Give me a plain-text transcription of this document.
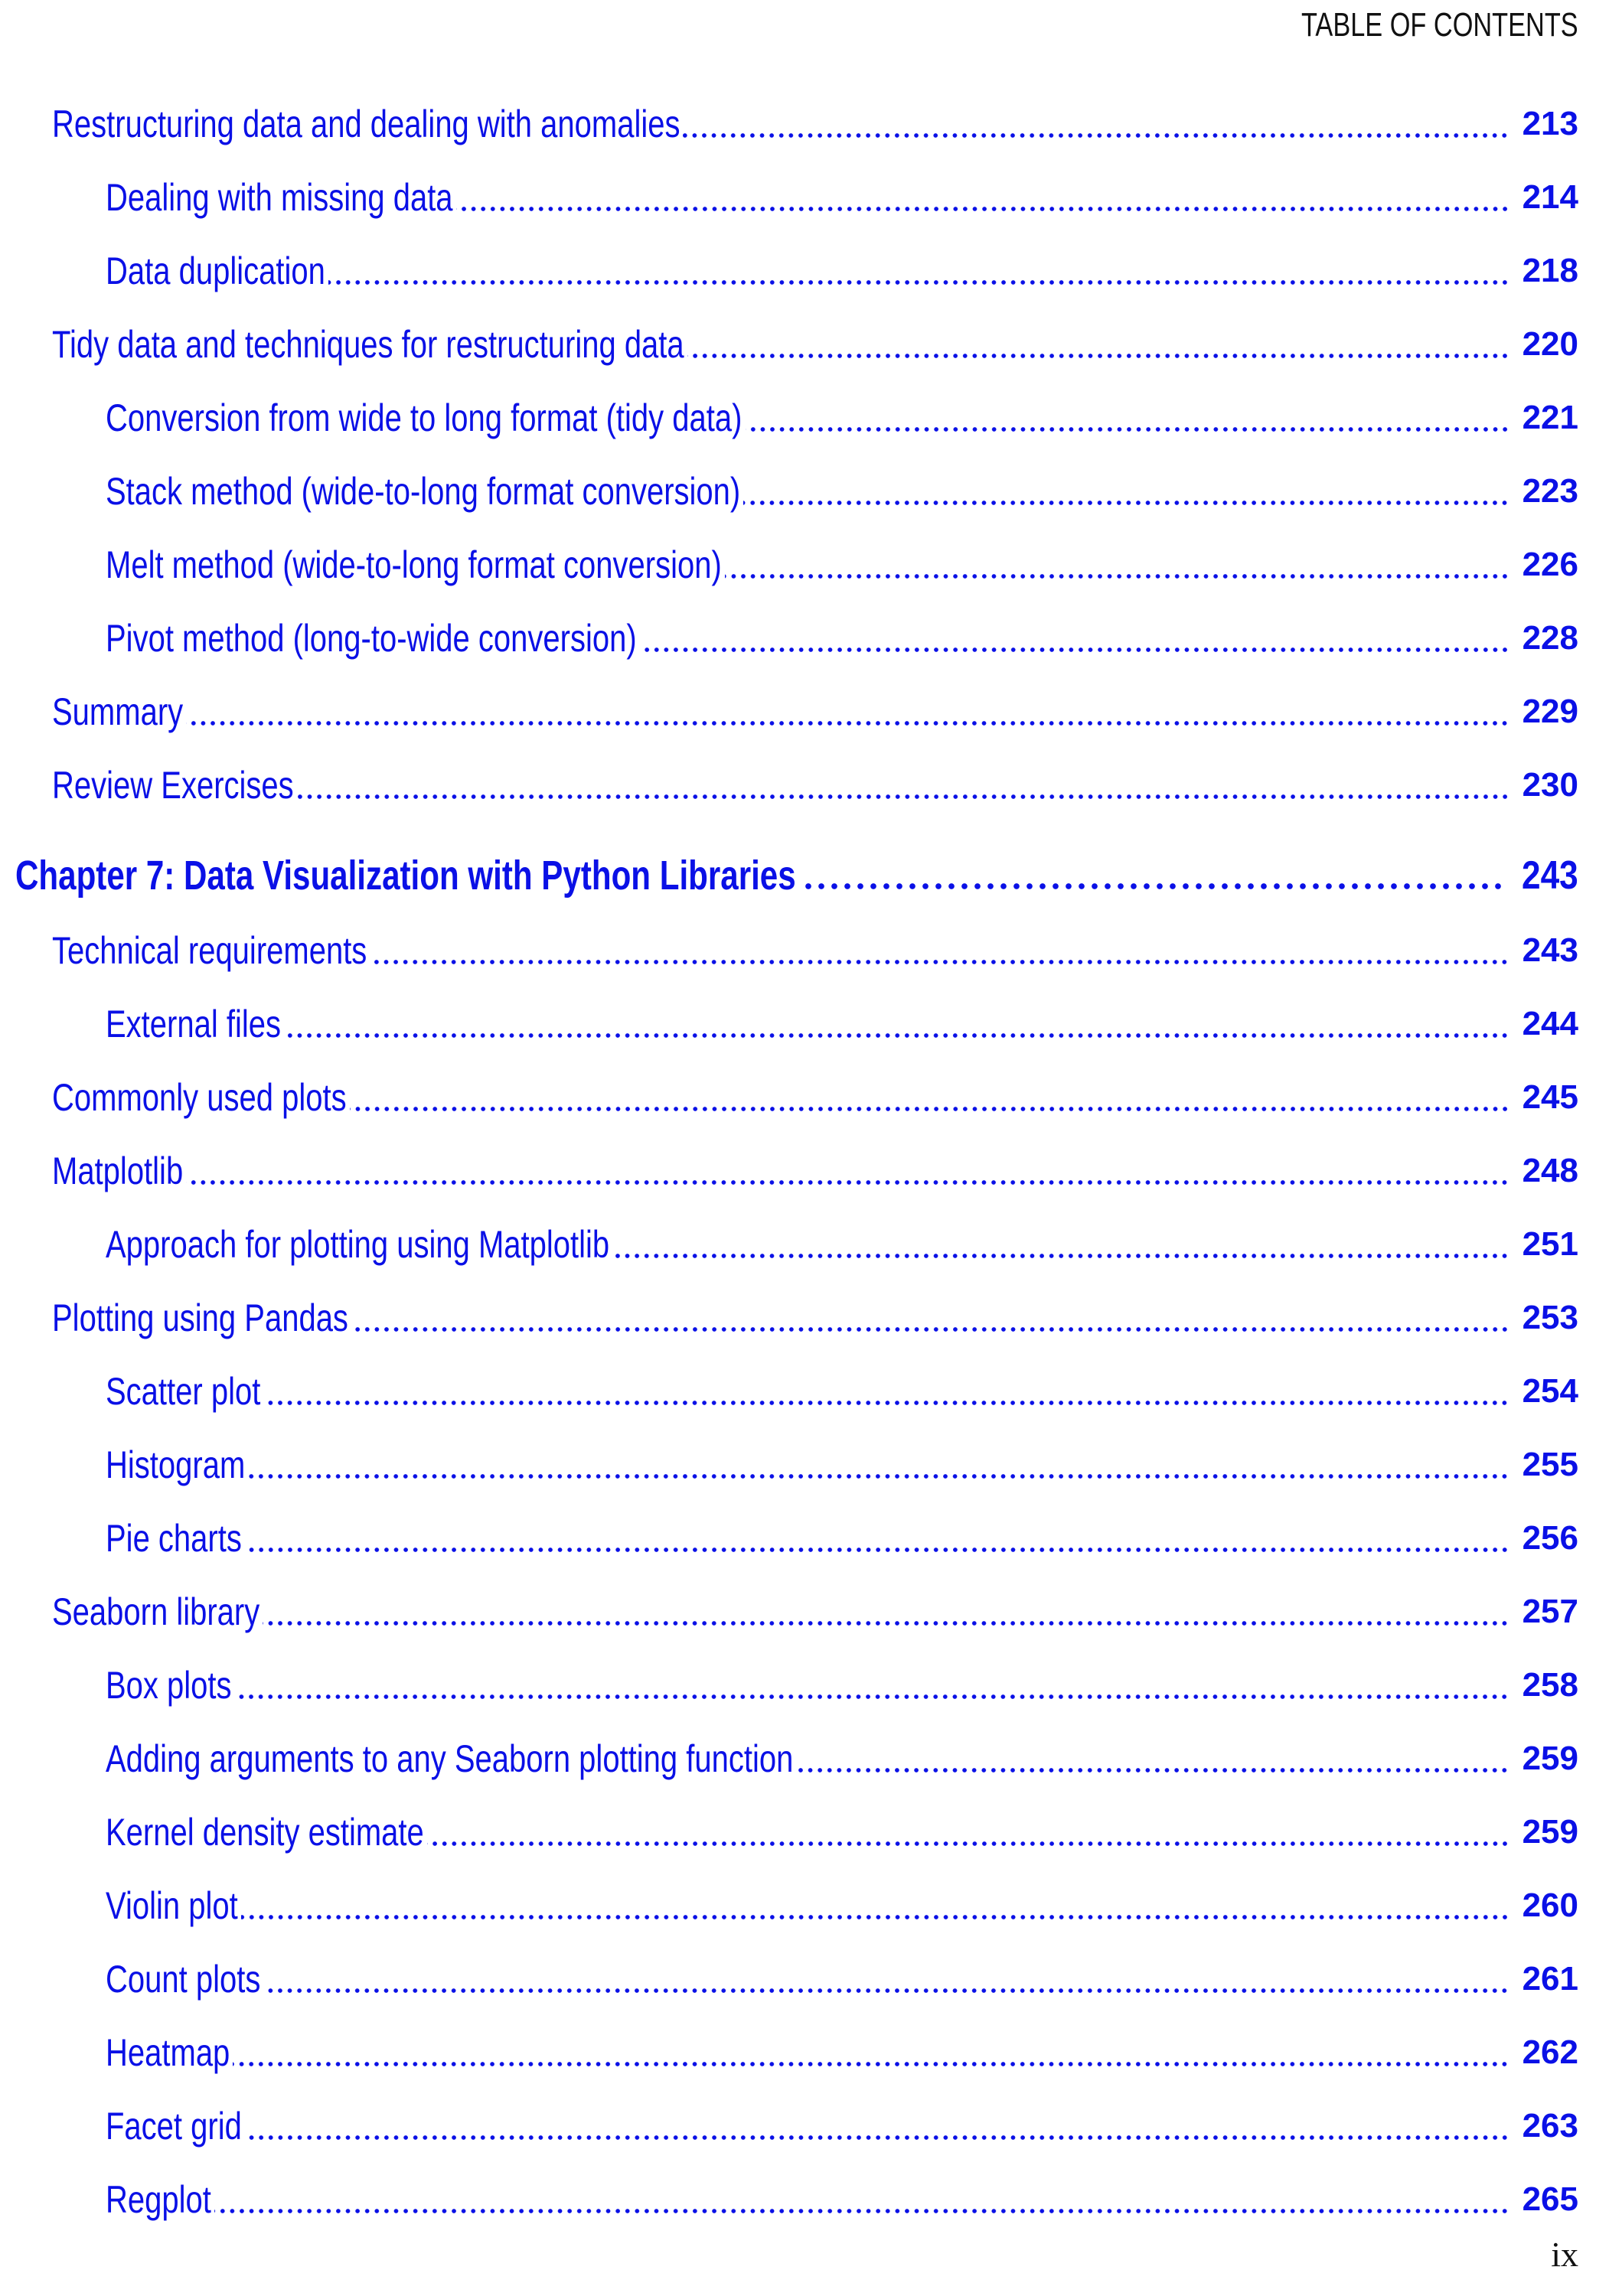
TABLE OF CONTENTS
Restructuring data and dealing with anomalies	213
Dealing with missing data	214
Data duplication	218
Tidy data and techniques for restructuring data	220
Conversion from wide to long format (tidy data)	221
Stack method (wide-to-long format conversion)	223
Melt method (wide-to-long format conversion)	226
Pivot method (long-to-wide conversion)	228
Summary	229
Review Exercises	230
Chapter 7: Data Visualization with Python Libraries	243
Technical requirements	243
External files	244
Commonly used plots	245
Matplotlib	248
Approach for plotting using Matplotlib	251
Plotting using Pandas	253
Scatter plot	254
Histogram	255
Pie charts	256
Seaborn library	257
Box plots	258
Adding arguments to any Seaborn plotting function	259
Kernel density estimate	259
Violin plot	260
Count plots	261
Heatmap	262
Facet grid	263
Regplot	265
ix
